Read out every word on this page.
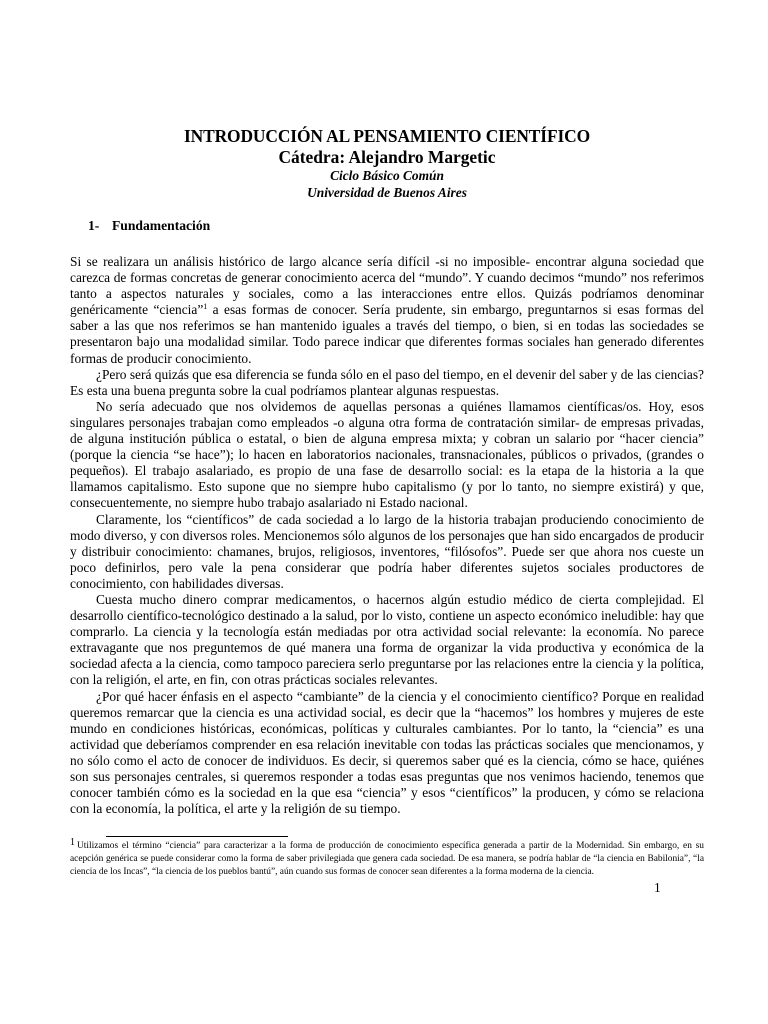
INTRODUCCIÓN AL PENSAMIENTO CIENTÍFICO
Cátedra: Alejandro Margetic
Ciclo Básico Común
Universidad de Buenos Aires
1- Fundamentación

Si se realizara un análisis histórico de largo alcance sería difícil -si no imposible- encontrar alguna sociedad que carezca de formas concretas de generar conocimiento acerca del “mundo”. Y cuando decimos “mundo” nos referimos tanto a aspectos naturales y sociales, como a las interacciones entre ellos. Quizás podríamos denominar genéricamente “ciencia”$^1$ a esas formas de conocer. Sería prudente, sin embargo, preguntarnos si esas formas del saber a las que nos referimos se han mantenido iguales a través del tiempo, o bien, si en todas las sociedades se presentaron bajo una modalidad similar. Todo parece indicar que diferentes formas sociales han generado diferentes formas de producir conocimiento.

¿Pero será quizás que esa diferencia se funda sólo en el paso del tiempo, en el devenir del saber y de las ciencias? Es esta una buena pregunta sobre la cual podríamos plantear algunas respuestas.

No sería adecuado que nos olvidemos de aquellas personas a quiénes llamamos científicas/os. Hoy, esos singulares personajes trabajan como empleados -o alguna otra forma de contratación similar- de empresas privadas, de alguna institución pública o estatal, o bien de alguna empresa mixta; y cobran un salario por “hacer ciencia” (porque la ciencia “se hace”); lo hacen en laboratorios nacionales, transnacionales, públicos o privados, (grandes o pequeños). El trabajo asalariado, es propio de una fase de desarrollo social: es la etapa de la historia a la que llamamos capitalismo. Esto supone que no siempre hubo capitalismo (y por lo tanto, no siempre existirá) y que, consecuentemente, no siempre hubo trabajo asalariado ni Estado nacional.

Claramente, los “científicos” de cada sociedad a lo largo de la historia trabajan produciendo conocimiento de modo diverso, y con diversos roles. Mencionemos sólo algunos de los personajes que han sido encargados de producir y distribuir conocimiento: chamanes, brujos, religiosos, inventores, “filósofos”. Puede ser que ahora nos cueste un poco definirlos, pero vale la pena considerar que podría haber diferentes sujetos sociales productores de conocimiento, con habilidades diversas.

Cuesta mucho dinero comprar medicamentos, o hacernos algún estudio médico de cierta complejidad. El desarrollo científico-tecnológico destinado a la salud, por lo visto, contiene un aspecto económico ineludible: hay que comprarlo. La ciencia y la tecnología están mediadas por otra actividad social relevante: la economía. No parece extravagante que nos preguntemos de qué manera una forma de organizar la vida productiva y económica de la sociedad afecta a la ciencia, como tampoco pareciera serlo preguntarse por las relaciones entre la ciencia y la política, con la religión, el arte, en fin, con otras prácticas sociales relevantes.

¿Por qué hacer énfasis en el aspecto “cambiante” de la ciencia y el conocimiento científico? Porque en realidad queremos remarcar que la ciencia es una actividad social, es decir que la “hacemos” los hombres y mujeres de este mundo en condiciones históricas, económicas, políticas y culturales cambiantes. Por lo tanto, la “ciencia” es una actividad que deberíamos comprender en esa relación inevitable con todas las prácticas sociales que mencionamos, y no sólo como el acto de conocer de individuos. Es decir, si queremos saber qué es la ciencia, cómo se hace, quiénes son sus personajes centrales, si queremos responder a todas esas preguntas que nos venimos haciendo, tenemos que conocer también cómo es la sociedad en la que esa “ciencia” y esos “científicos” la producen, y cómo se relaciona con la economía, la política, el arte y la religión de su tiempo.

1 Utilizamos el término “ciencia” para caracterizar a la forma de producción de conocimiento específica generada a partir de la Modernidad. Sin embargo, en su acepción genérica se puede considerar como la forma de saber privilegiada que genera cada sociedad. De esa manera, se podría hablar de “la ciencia en Babilonia”, “la ciencia de los Incas”, “la ciencia de los pueblos bantú”, aún cuando sus formas de conocer sean diferentes a la forma moderna de la ciencia.
1
